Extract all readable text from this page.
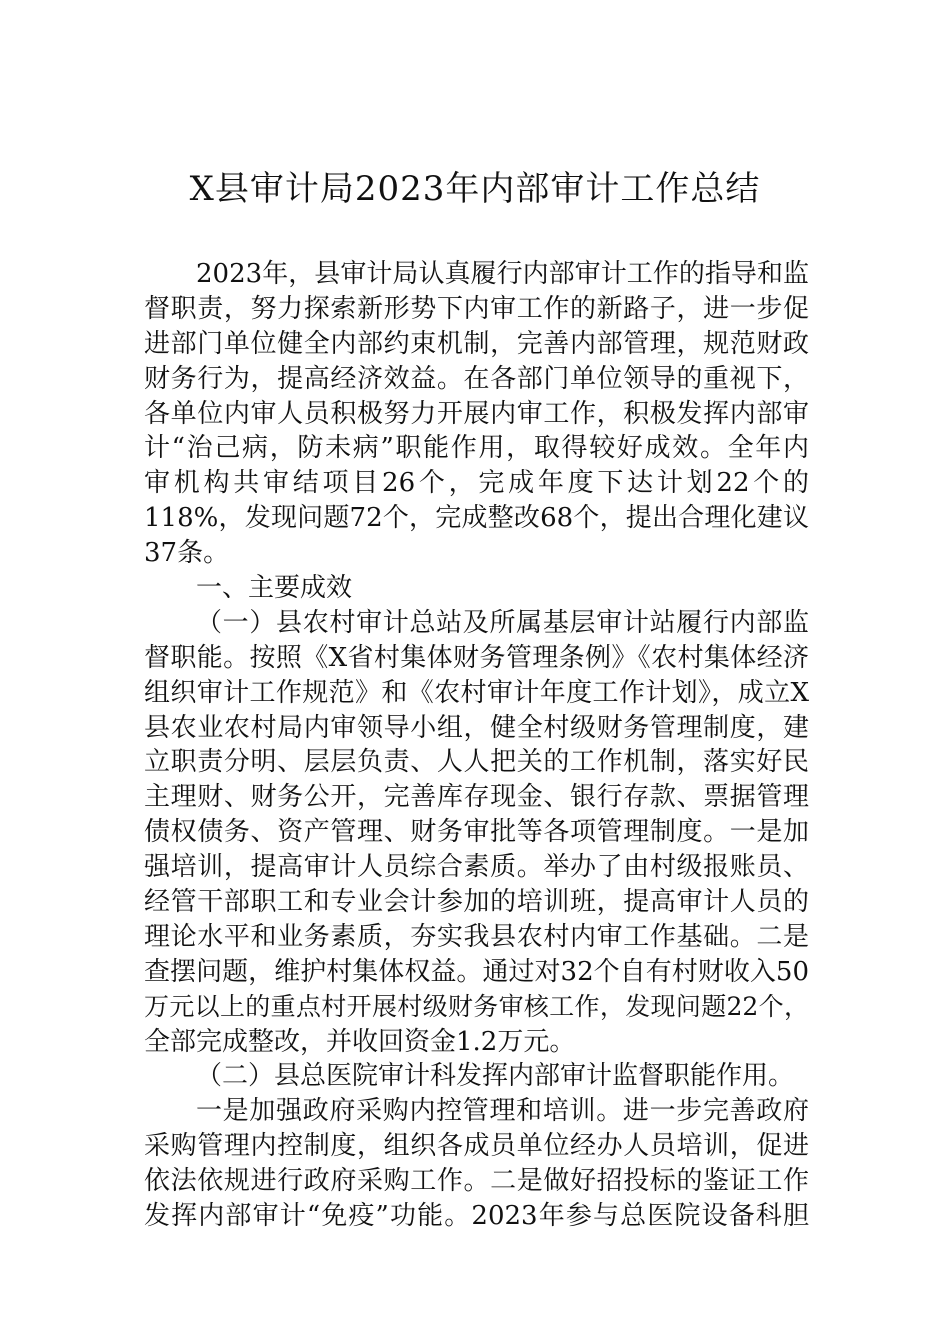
X县审计局2023年内部审计工作总结
2023年，县审计局认真履行内部审计工作的指导和监
督职责，努力探索新形势下内审工作的新路子，进一步促
进部门单位健全内部约束机制，完善内部管理，规范财政
财务行为，提高经济效益。在各部门单位领导的重视下，
各单位内审人员积极努力开展内审工作，积极发挥内部审
计“治己病，防未病”职能作用，取得较好成效。全年内
审机构共审结项目26个，完成年度下达计划22个的
118%，发现问题72个，完成整改68个，提出合理化建议
37条。
一、主要成效
（一）县农村审计总站及所属基层审计站履行内部监
督职能。按照《X省村集体财务管理条例》《农村集体经济
组织审计工作规范》和《农村审计年度工作计划》，成立X
县农业农村局内审领导小组，健全村级财务管理制度，建
立职责分明、层层负责、人人把关的工作机制，落实好民
主理财、财务公开，完善库存现金、银行存款、票据管理
债权债务、资产管理、财务审批等各项管理制度。一是加
强培训，提高审计人员综合素质。举办了由村级报账员、
经管干部职工和专业会计参加的培训班，提高审计人员的
理论水平和业务素质，夯实我县农村内审工作基础。二是
查摆问题，维护村集体权益。通过对32个自有村财收入50
万元以上的重点村开展村级财务审核工作，发现问题22个，
全部完成整改，并收回资金1.2万元。
（二）县总医院审计科发挥内部审计监督职能作用。
一是加强政府采购内控管理和培训。进一步完善政府
采购管理内控制度，组织各成员单位经办人员培训，促进
依法依规进行政府采购工作。二是做好招投标的鉴证工作
发挥内部审计“免疫”功能。2023年参与总医院设备科胆
